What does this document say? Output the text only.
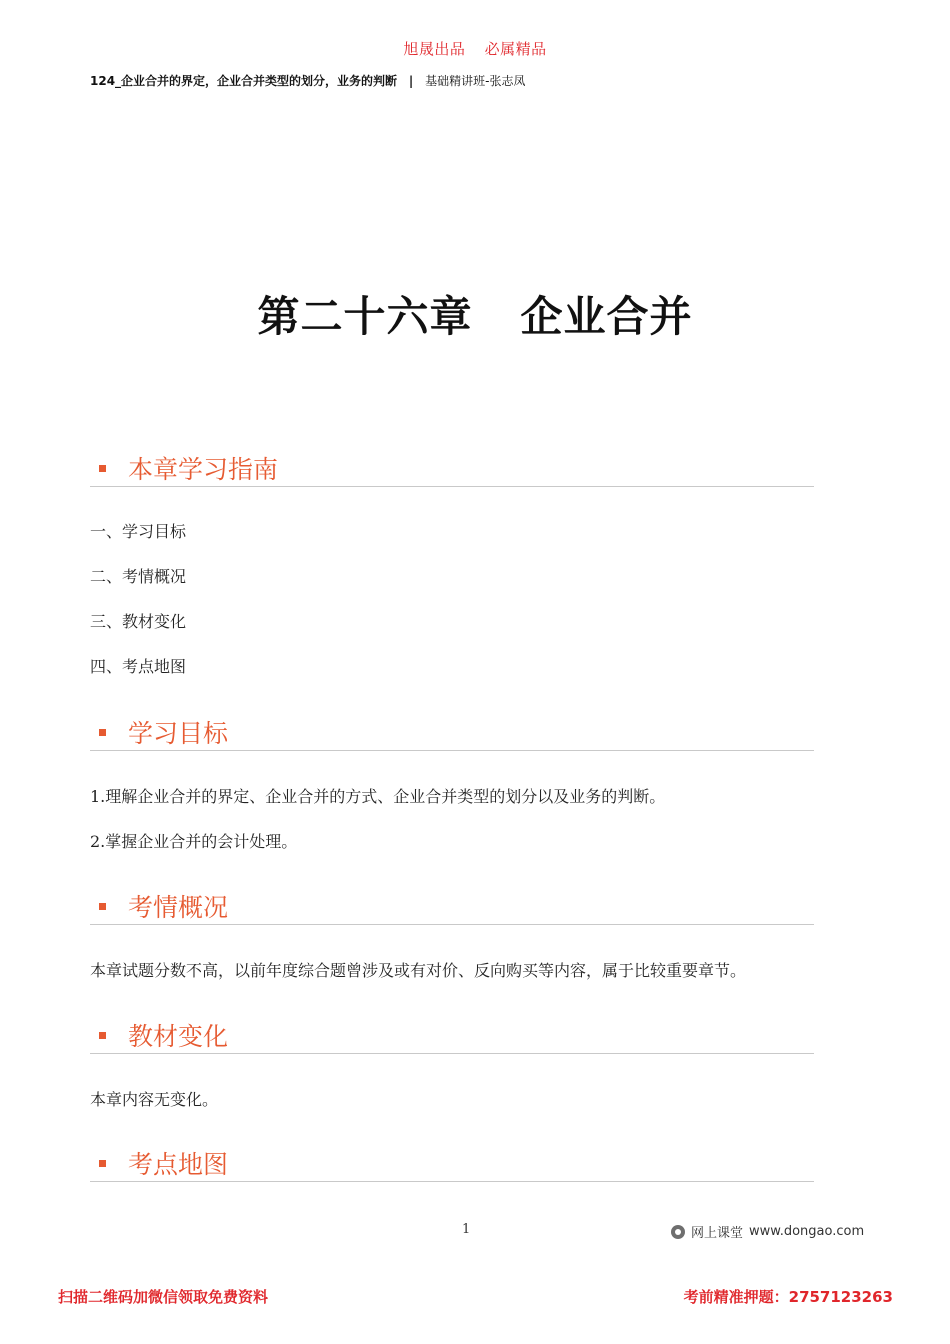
旭晟出品 必属精品
124_企业合并的界定，企业合并类型的划分，业务的判断 | 基础精讲班-张志凤
第二十六章 企业合并
本章学习指南
一、学习目标
二、考情概况
三、教材变化
四、考点地图
学习目标
1.理解企业合并的界定、企业合并的方式、企业合并类型的划分以及业务的判断。
2.掌握企业合并的会计处理。
考情概况
本章试题分数不高，以前年度综合题曾涉及或有对价、反向购买等内容，属于比较重要章节。
教材变化
本章内容无变化。
考点地图
1	网上课堂 www.dongao.com
扫描二维码加微信领取免费资料	考前精准押题：2757123263
